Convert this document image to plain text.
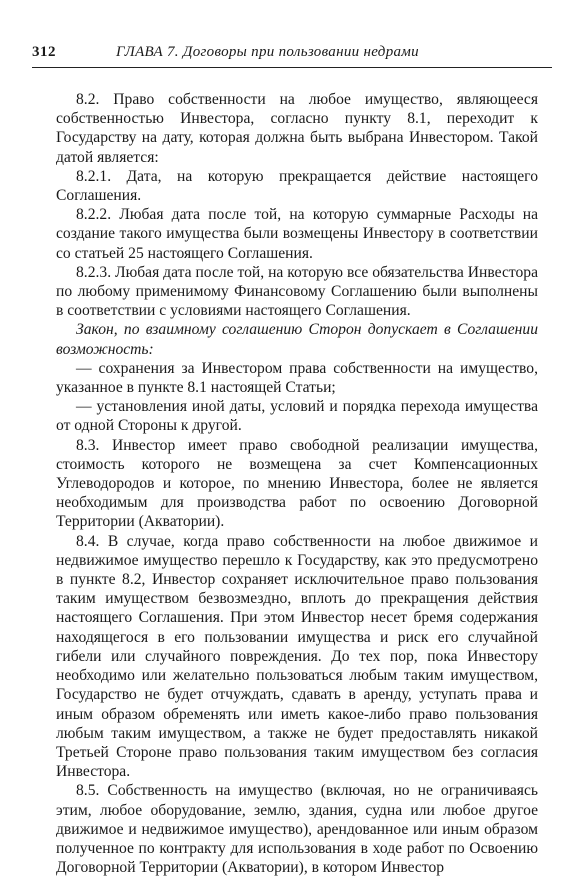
312	ГЛАВА 7. Договоры при пользовании недрами

8.2. Право собственности на любое имущество, являющееся собственностью Инвестора, согласно пункту 8.1, переходит к Государству на дату, которая должна быть выбрана Инвестором. Такой датой является:

8.2.1. Дата, на которую прекращается действие настоящего Соглашения.

8.2.2. Любая дата после той, на которую суммарные Расходы на создание такого имущества были возмещены Инвестору в соответствии со статьей 25 настоящего Соглашения.

8.2.3. Любая дата после той, на которую все обязательства Инвестора по любому применимому Финансовому Соглашению были выполнены в соответствии с условиями настоящего Соглашения.

Закон, по взаимному соглашению Сторон допускает в Соглашении возможность:

— сохранения за Инвестором права собственности на имущество, указанное в пункте 8.1 настоящей Статьи;

— установления иной даты, условий и порядка перехода имущества от одной Стороны к другой.

8.3. Инвестор имеет право свободной реализации имущества, стоимость которого не возмещена за счет Компенсационных Углеводородов и которое, по мнению Инвестора, более не является необходимым для производства работ по освоению Договорной Территории (Акватории).

8.4. В случае, когда право собственности на любое движимое и недвижимое имущество перешло к Государству, как это предусмотрено в пункте 8.2, Инвестор сохраняет исключительное право пользования таким имуществом безвозмездно, вплоть до прекращения действия настоящего Соглашения. При этом Инвестор несет бремя содержания находящегося в его пользовании имущества и риск его случайной гибели или случайного повреждения. До тех пор, пока Инвестору необходимо или желательно пользоваться любым таким имуществом, Государство не будет отчуждать, сдавать в аренду, уступать права и иным образом обременять или иметь какое-либо право пользования любым таким имуществом, а также не будет предоставлять никакой Третьей Стороне право пользования таким имуществом без согласия Инвестора.

8.5. Собственность на имущество (включая, но не ограничиваясь этим, любое оборудование, землю, здания, судна или любое другое движимое и недвижимое имущество), арендованное или иным образом полученное по контракту для использования в ходе работ по Освоению Договорной Территории (Акватории), в котором Инвестор
